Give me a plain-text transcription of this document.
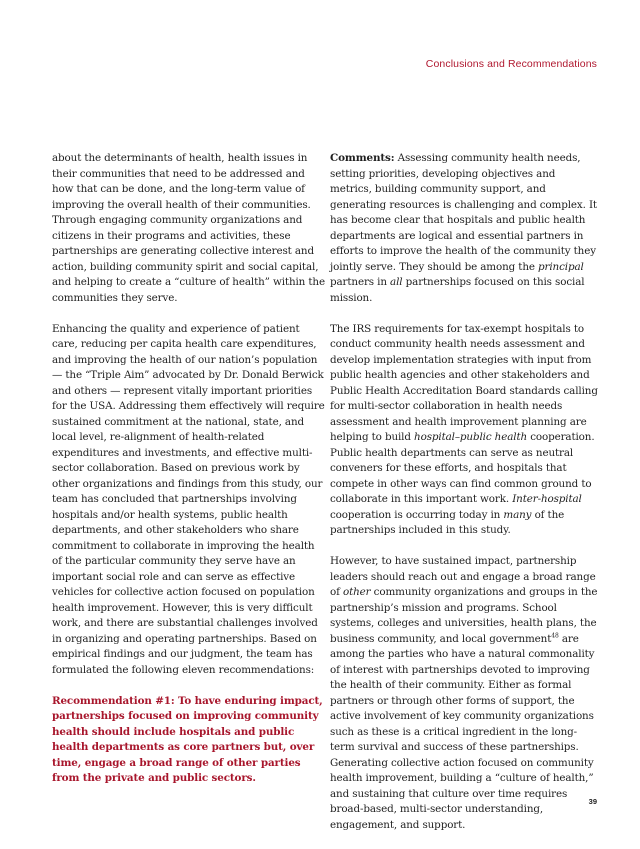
Conclusions and Recommendations

about the determinants of health, health issues in their communities that need to be addressed and how that can be done, and the long-term value of improving the overall health of their communities. Through engaging community organizations and citizens in their programs and activities, these partnerships are generating collective interest and action, building community spirit and social capital, and helping to create a “culture of health” within the communities they serve.

Enhancing the quality and experience of patient care, reducing per capita health care expenditures, and improving the health of our nation’s population — the “Triple Aim” advocated by Dr. Donald Berwick and others — represent vitally important priorities for the USA. Addressing them effectively will require sustained commitment at the national, state, and local level, re-alignment of health-related expenditures and investments, and effective multi-sector collaboration. Based on previous work by other organizations and findings from this study, our team has concluded that partnerships involving hospitals and/or health systems, public health departments, and other stakeholders who share commitment to collaborate in improving the health of the particular community they serve have an important social role and can serve as effective vehicles for collective action focused on population health improvement. However, this is very difficult work, and there are substantial challenges involved in organizing and operating partnerships. Based on empirical findings and our judgment, the team has formulated the following eleven recommendations:

Recommendation #1: To have enduring impact, partnerships focused on improving community health should include hospitals and public health departments as core partners but, over time, engage a broad range of other parties from the private and public sectors.

Comments: Assessing community health needs, setting priorities, developing objectives and metrics, building community support, and generating resources is challenging and complex. It has become clear that hospitals and public health departments are logical and essential partners in efforts to improve the health of the community they jointly serve. They should be among the principal partners in all partnerships focused on this social mission.

The IRS requirements for tax-exempt hospitals to conduct community health needs assessment and develop implementation strategies with input from public health agencies and other stakeholders and Public Health Accreditation Board standards calling for multi-sector collaboration in health needs assessment and health improvement planning are helping to build hospital–public health cooperation. Public health departments can serve as neutral conveners for these efforts, and hospitals that compete in other ways can find common ground to collaborate in this important work. Inter-hospital cooperation is occurring today in many of the partnerships included in this study.

However, to have sustained impact, partnership leaders should reach out and engage a broad range of other community organizations and groups in the partnership’s mission and programs. School systems, colleges and universities, health plans, the business community, and local government$^{48}$ are among the parties who have a natural commonality of interest with partnerships devoted to improving the health of their community. Either as formal partners or through other forms of support, the active involvement of key community organizations such as these is a critical ingredient in the long-term survival and success of these partnerships. Generating collective action focused on community health improvement, building a “culture of health,” and sustaining that culture over time requires broad-based, multi-sector understanding, engagement, and support.

39
